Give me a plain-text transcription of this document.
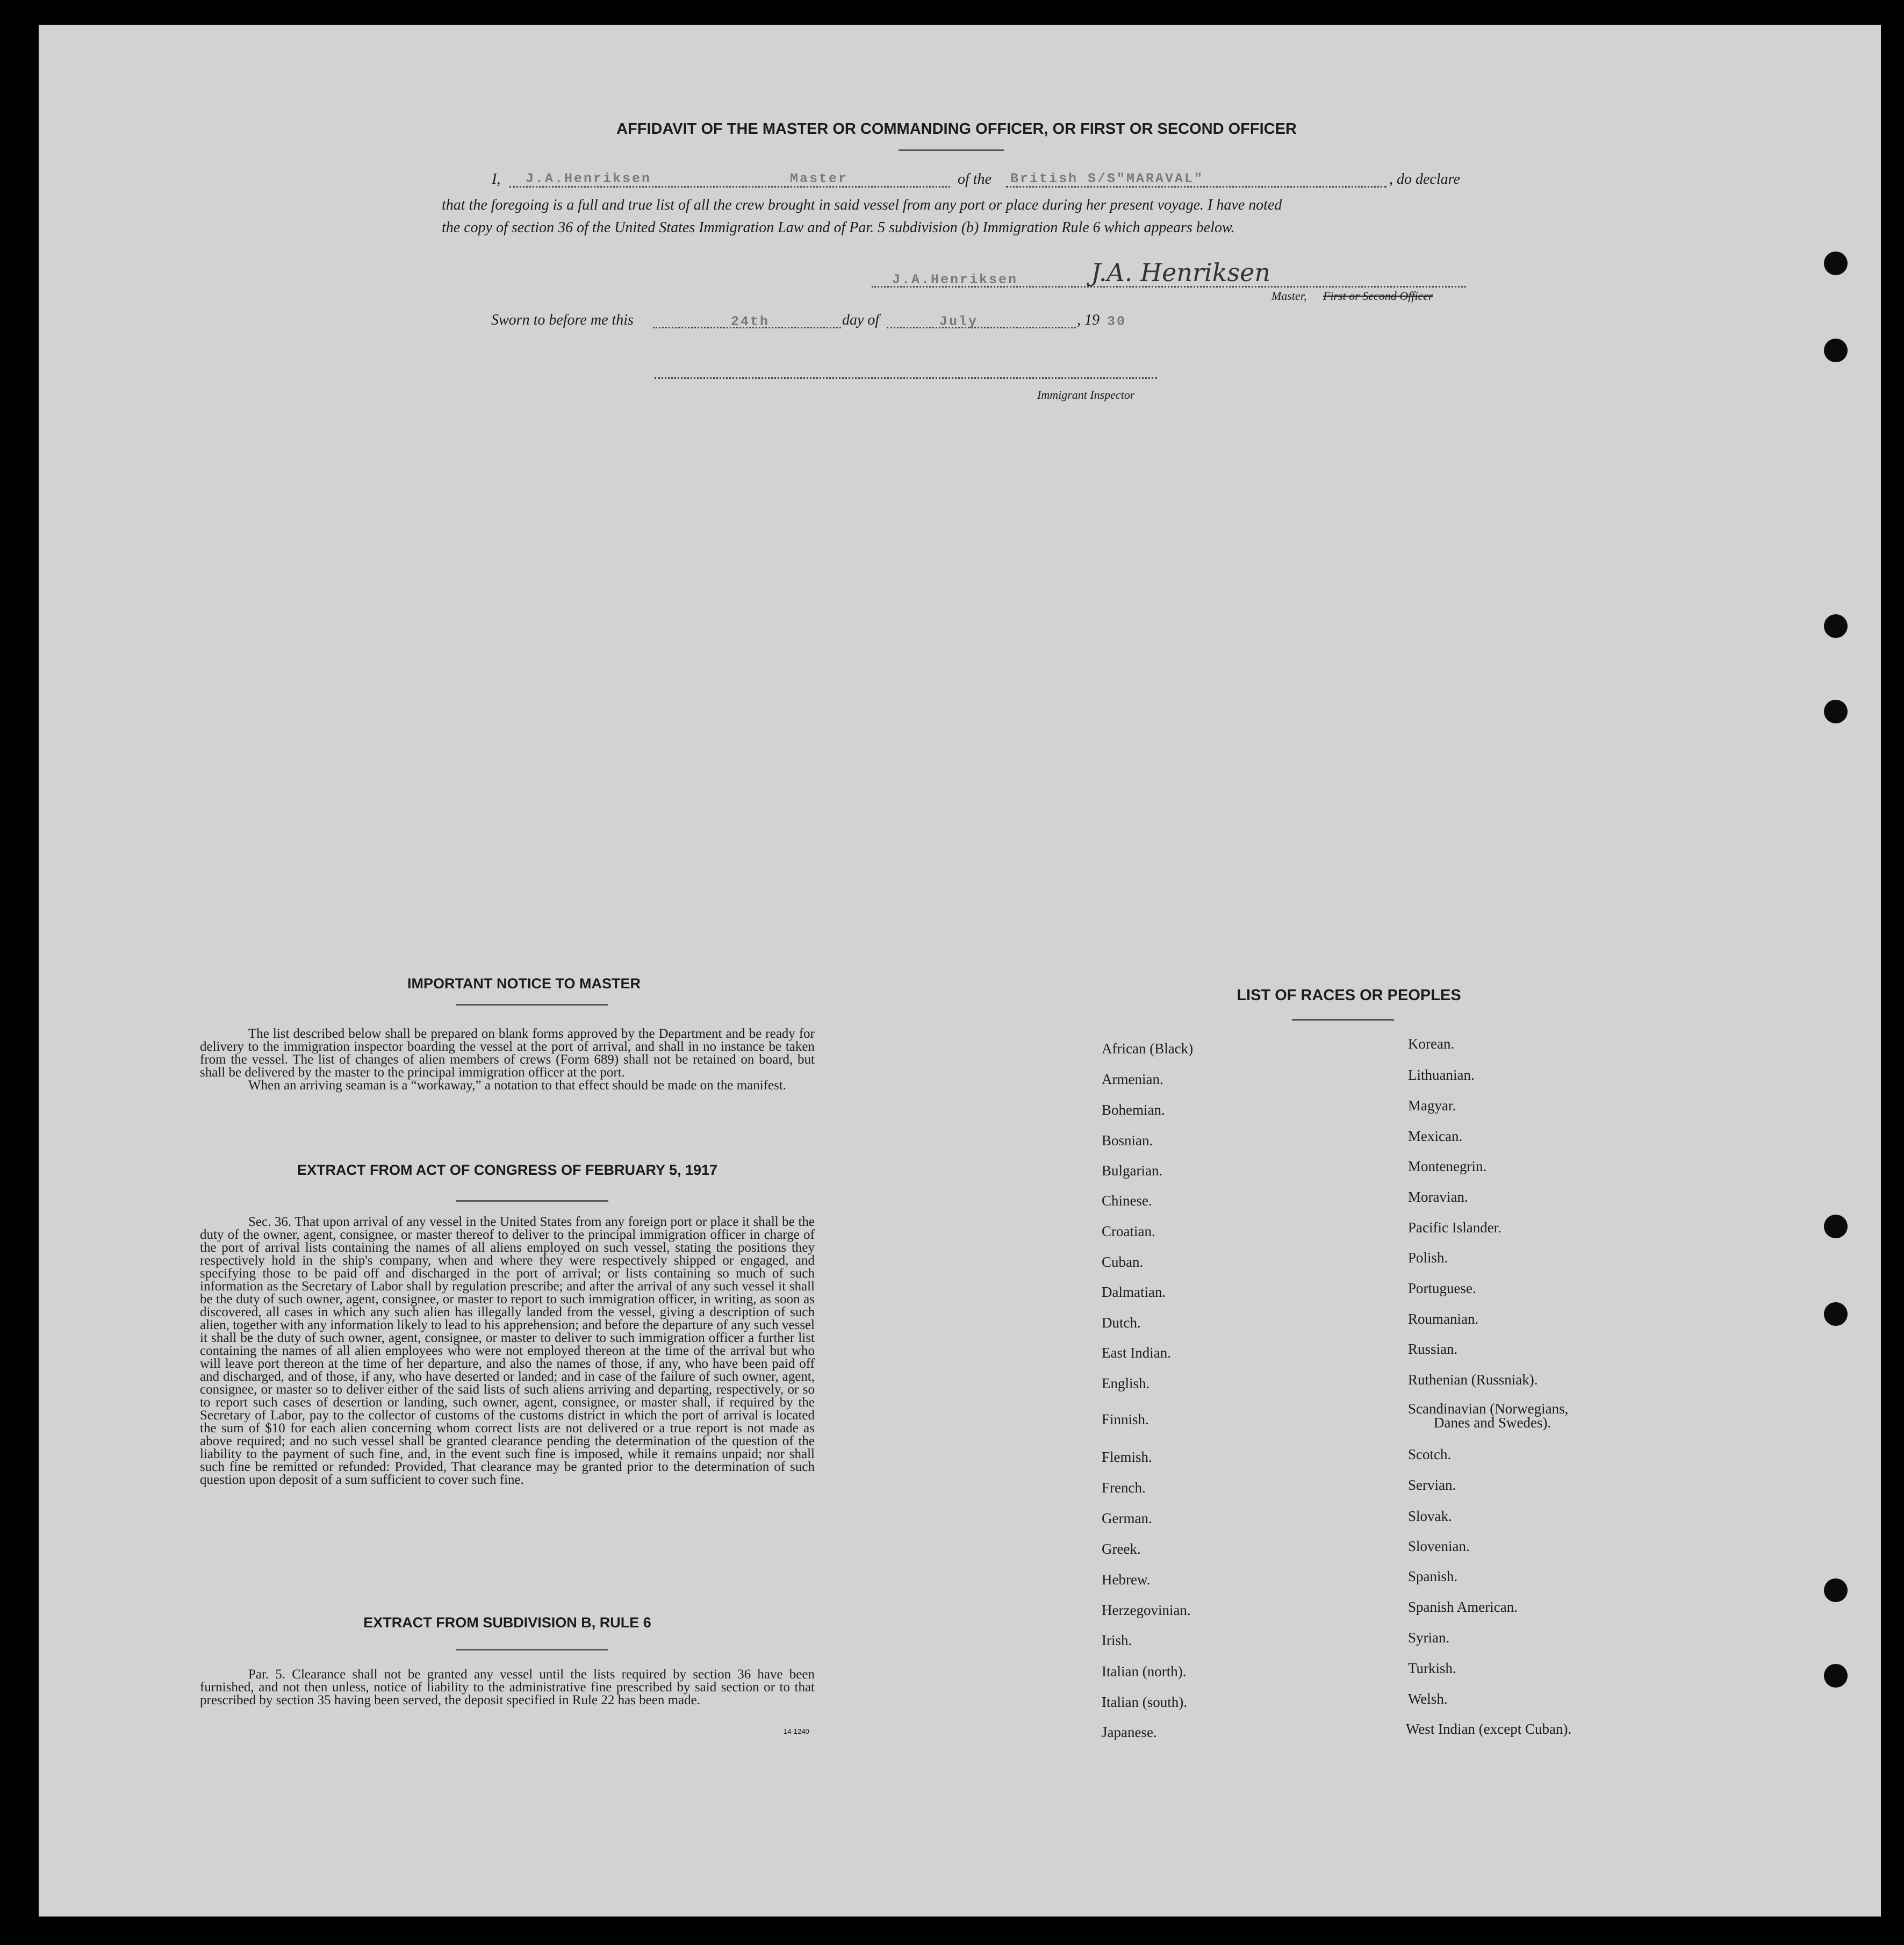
AFFIDAVIT OF THE MASTER OR COMMANDING OFFICER, OR FIRST OR SECOND OFFICER
I, J.A.Henriksen	Master	of the British S/S"MARAVAL"	, do declare
that the foregoing is a full and true list of all the crew brought in said vessel from any port or place during her present voyage. I have noted
the copy of section 36 of the United States Immigration Law and of Par. 5 subdivision (b) Immigration Rule 6 which appears below.
J.A.Henriksen	J.A. Henriksen
Master, First or Second Officer
Sworn to before me this	24th	day of	July	, 19 30
Immigrant Inspector
IMPORTANT NOTICE TO MASTER

The list described below shall be prepared on blank forms approved by the Department and be ready for delivery to the immigration inspector boarding the vessel at the port of arrival, and shall in no instance be taken from the vessel. The list of changes of alien members of crews (Form 689) shall not be retained on board, but shall be delivered by the master to the principal immigration officer at the port.

When an arriving seaman is a “workaway,” a notation to that effect should be made on the manifest.

EXTRACT FROM ACT OF CONGRESS OF FEBRUARY 5, 1917

Sec. 36. That upon arrival of any vessel in the United States from any foreign port or place it shall be the duty of the owner, agent, consignee, or master thereof to deliver to the principal immigration officer in charge of the port of arrival lists containing the names of all aliens employed on such vessel, stating the positions they respectively hold in the ship's company, when and where they were respectively shipped or engaged, and specifying those to be paid off and discharged in the port of arrival; or lists containing so much of such information as the Secretary of Labor shall by regulation prescribe; and after the arrival of any such vessel it shall be the duty of such owner, agent, consignee, or master to report to such immigration officer, in writing, as soon as discovered, all cases in which any such alien has illegally landed from the vessel, giving a description of such alien, together with any information likely to lead to his apprehension; and before the departure of any such vessel it shall be the duty of such owner, agent, consignee, or master to deliver to such immigration officer a further list containing the names of all alien employees who were not employed thereon at the time of the arrival but who will leave port thereon at the time of her departure, and also the names of those, if any, who have been paid off and discharged, and of those, if any, who have deserted or landed; and in case of the failure of such owner, agent, consignee, or master so to deliver either of the said lists of such aliens arriving and departing, respectively, or so to report such cases of desertion or landing, such owner, agent, consignee, or master shall, if required by the Secretary of Labor, pay to the collector of customs of the customs district in which the port of arrival is located the sum of $10 for each alien concerning whom correct lists are not delivered or a true report is not made as above required; and no such vessel shall be granted clearance pending the determination of the question of the liability to the payment of such fine, and, in the event such fine is imposed, while it remains unpaid; nor shall such fine be remitted or refunded: Provided, That clearance may be granted prior to the determination of such question upon deposit of a sum sufficient to cover such fine.

EXTRACT FROM SUBDIVISION B, RULE 6

Par. 5. Clearance shall not be granted any vessel until the lists required by section 36 have been furnished, and not then unless, notice of liability to the administrative fine prescribed by said section or to that prescribed by section 35 having been served, the deposit specified in Rule 22 has been made.

14-1240
LIST OF RACES OR PEOPLES
African (Black)
Armenian.
Bohemian.
Bosnian.
Bulgarian.
Chinese.
Croatian.
Cuban.
Dalmatian.
Dutch.
East Indian.
English.
Finnish.
Flemish.
French.
German.
Greek.
Hebrew.
Herzegovinian.
Irish.
Italian (north).
Italian (south).
Japanese.
Korean.
Lithuanian.
Magyar.
Mexican.
Montenegrin.
Moravian.
Pacific Islander.
Polish.
Portuguese.
Roumanian.
Russian.
Ruthenian (Russniak).
Scandinavian (Norwegians,
Danes and Swedes).
Scotch.
Servian.
Slovak.
Slovenian.
Spanish.
Spanish American.
Syrian.
Turkish.
Welsh.
West Indian (except Cuban).
